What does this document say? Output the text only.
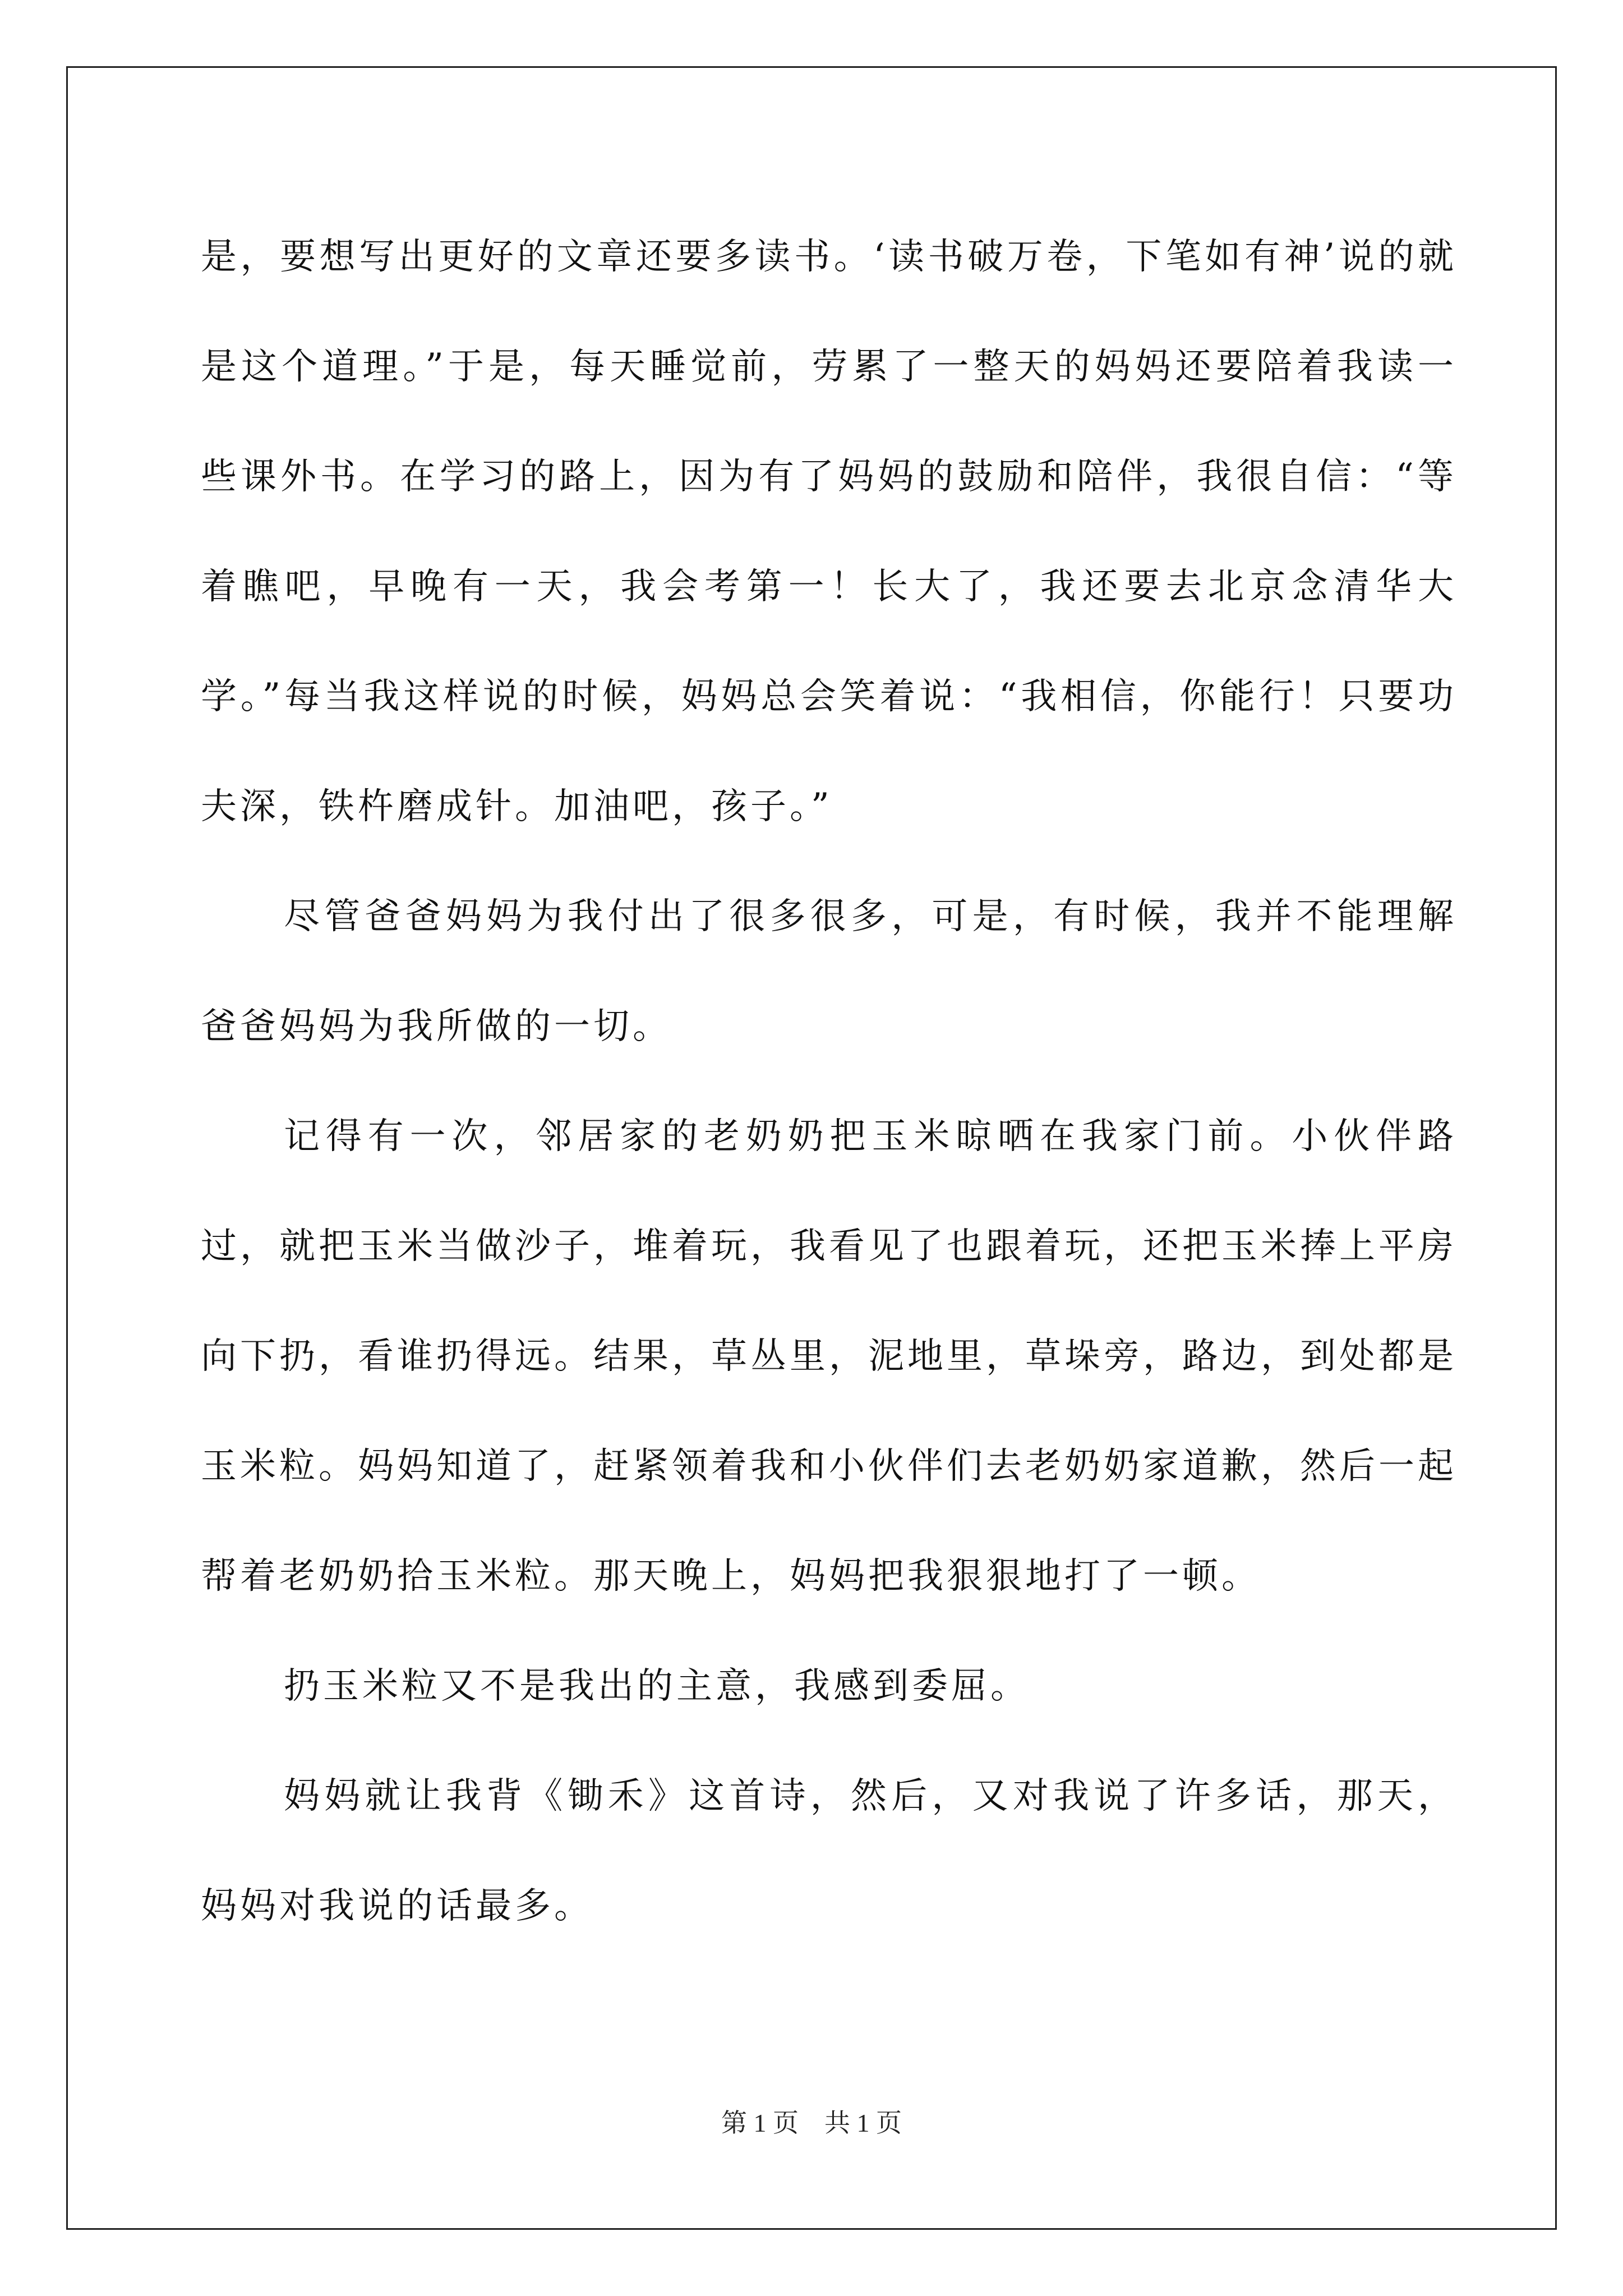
是，要想写出更好的文章还要多读书。‘读书破万卷，下笔如有神’说的就是这个道理。”于是，每天睡觉前，劳累了一整天的妈妈还要陪着我读一些课外书。在学习的路上，因为有了妈妈的鼓励和陪伴，我很自信：“等着瞧吧，早晚有一天，我会考第一！长大了，我还要去北京念清华大学。”每当我这样说的时候，妈妈总会笑着说：“我相信，你能行！只要功夫深，铁杵磨成针。加油吧，孩子。”

尽管爸爸妈妈为我付出了很多很多，可是，有时候，我并不能理解爸爸妈妈为我所做的一切。

记得有一次，邻居家的老奶奶把玉米晾晒在我家门前。小伙伴路过，就把玉米当做沙子，堆着玩，我看见了也跟着玩，还把玉米捧上平房向下扔，看谁扔得远。结果，草丛里，泥地里，草垛旁，路边，到处都是玉米粒。妈妈知道了，赶紧领着我和小伙伴们去老奶奶家道歉，然后一起帮着老奶奶拾玉米粒。那天晚上，妈妈把我狠狠地打了一顿。

扔玉米粒又不是我出的主意，我感到委屈。

妈妈就让我背《锄禾》这首诗，然后，又对我说了许多话，那天，妈妈对我说的话最多。

第 1 页　共 1 页
